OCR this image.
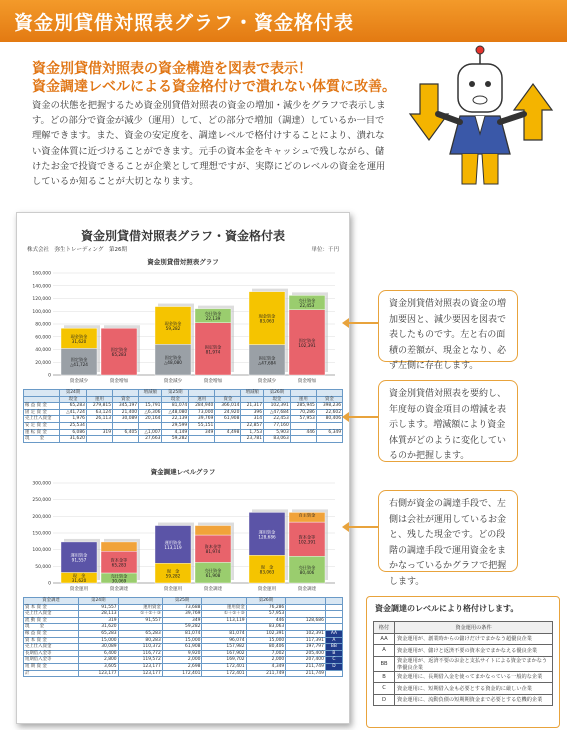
資金別貸借対照表グラフ・資金格付表
資金別貸借対照表の資金構造を図表で表示！
資金調達レベルによる資金格付けで潰れない体質に改善。
資金の状態を把握するため資金別貸借対照表の資金の増加・減少をグラフで表示します。どの部分で資金が減少（運用）して、どの部分で増加（調達）しているか一目で理解できます。また、資金の安定度を、調達レベルで格付けすることにより、潰れない資金体質に近づけることができます。元手の資本金をキャッシュで残しながら、儲けたお金で投資できることが企業として理想ですが、実際にどのレベルの資金を運用しているか知ることが大切となります。
資金別貸借対照表グラフ・資金格付表
株式会社　弥生トレーディング　第26期	単位：千円
資金別貸借対照表グラフ
0
20,000
40,000
60,000
80,000
100,000
120,000
140,000
160,000
固定資金
△41,724
現金資金
31,620
資金減少
固定資金
65,283
資金増加
固定資金
△48,080
現金資金
59,282
資金減少
固定資金
81,974
売仕資金
22,139
資金増加
固定資金
△47,684
現金資金
83,063
資金減少
固定資金
102,391
売仕資金
22,453
資金増加
	第24期			増減額	第25期			増減額	第26期		
	現金	運用	資金		現金	運用	資金		現金	運用	資金
稼 益 資 金	65,283	279,815	345,197	15,791	81,074	284,940	366,014	21,317	102,391	285,945	398,236
固 定 資 金	△41,724	63,124	21,400	△6,306	△48,080	73,000	24,920	396	△47,684	70,286	22,602
売上仕入資金	1,976	26,113	30,089	20,164	22,139	39,769	61,908	314	22,453	57,953	80,406
安 定 資 金	25,534				29,599	55,151		22,857	77,160		
運 転 資 金	6,086	319	6,405	△1,007	4,149	349	4,498	1,753	5,903	446	6,349
現　　 金	31,620			27,663	59,282			23,781	83,063		
資金調達レベルグラフ
0
50,000
100,000
150,000
200,000
250,000
300,000
現　金
31,620
運用資金
91,557
資金運用
売仕資金
30,069
資本金等
65,283
資金調達
現　金
59,282
運用資金
113,119
資金運用
売仕資金
61,908
資本金等
81,974
資金調達
現　金
83,063
運用資金
128,686
資金運用
売仕資金
80,406
資本金等
102,391
自主資金
資金調達
資金調達	第24期		第25期		第26期		
資 本 資 金	91,557	運用資金	73,688	運用資金	76,286		
売上仕入資金	28,113	①＋②＋③	39,769	①＋②＋③	57,953		
流 動 資 金	319	91,557	349	113,119	446	128,686	
現　　 金	31,620		59,282		83,063		
稼 益 資 金	65,283	65,283	81,074	81,074	102,391	102,391	AA
資 本 資 金	15,000	80,283	15,000	96,074	15,000	117,391	A
売上仕入資金	30,089	110,372	61,908	157,982	80,406	197,797	BB
長期借入金等	6,400	116,772	9,920	167,902	7,002	205,400	B
短期借入金等	2,800	119,572	2,000	169,702	2,000	207,400	C
短 期 資 金	3,605	123,177	2,698	172,401	4,349	211,749	D
計	123,177	123,177	172,401	172,401	211,749	211,749	
資金別貸借対照表の資金の増加要因と、減少要因を図表で表したものです。左と右の面積の差額が、現金となり、必ず左側に存在します。
資金別貸借対照表を要約し、年度毎の資金項目の増減を表示します。増減額により資金体質がどのように変化しているのか把握します。
右側が資金の調達手段で、左側は会社が運用しているお金と、残した現金です。どの段階の調達手段で運用資金をまかなっているかグラフで把握します。
資金調達のレベルにより格付けします。
格付	資金運用の条件
AA	資金運用が、創業時からの儲けだけでまかなう超優良企業
A	資金運用が、儲けと返済不要の資本金でまかなえる優良企業
BB	資金運用が、返済不要のお金と支払サイトによる資金でまかなう準優良企業
B	資金運用に、長期借入金を使ってまかなっている一般的な企業
C	資金運用に、短期借入金も必要とする資金的に厳しい企業
D	資金運用に、流動負債の短期期資金まで必要とする危機的企業
